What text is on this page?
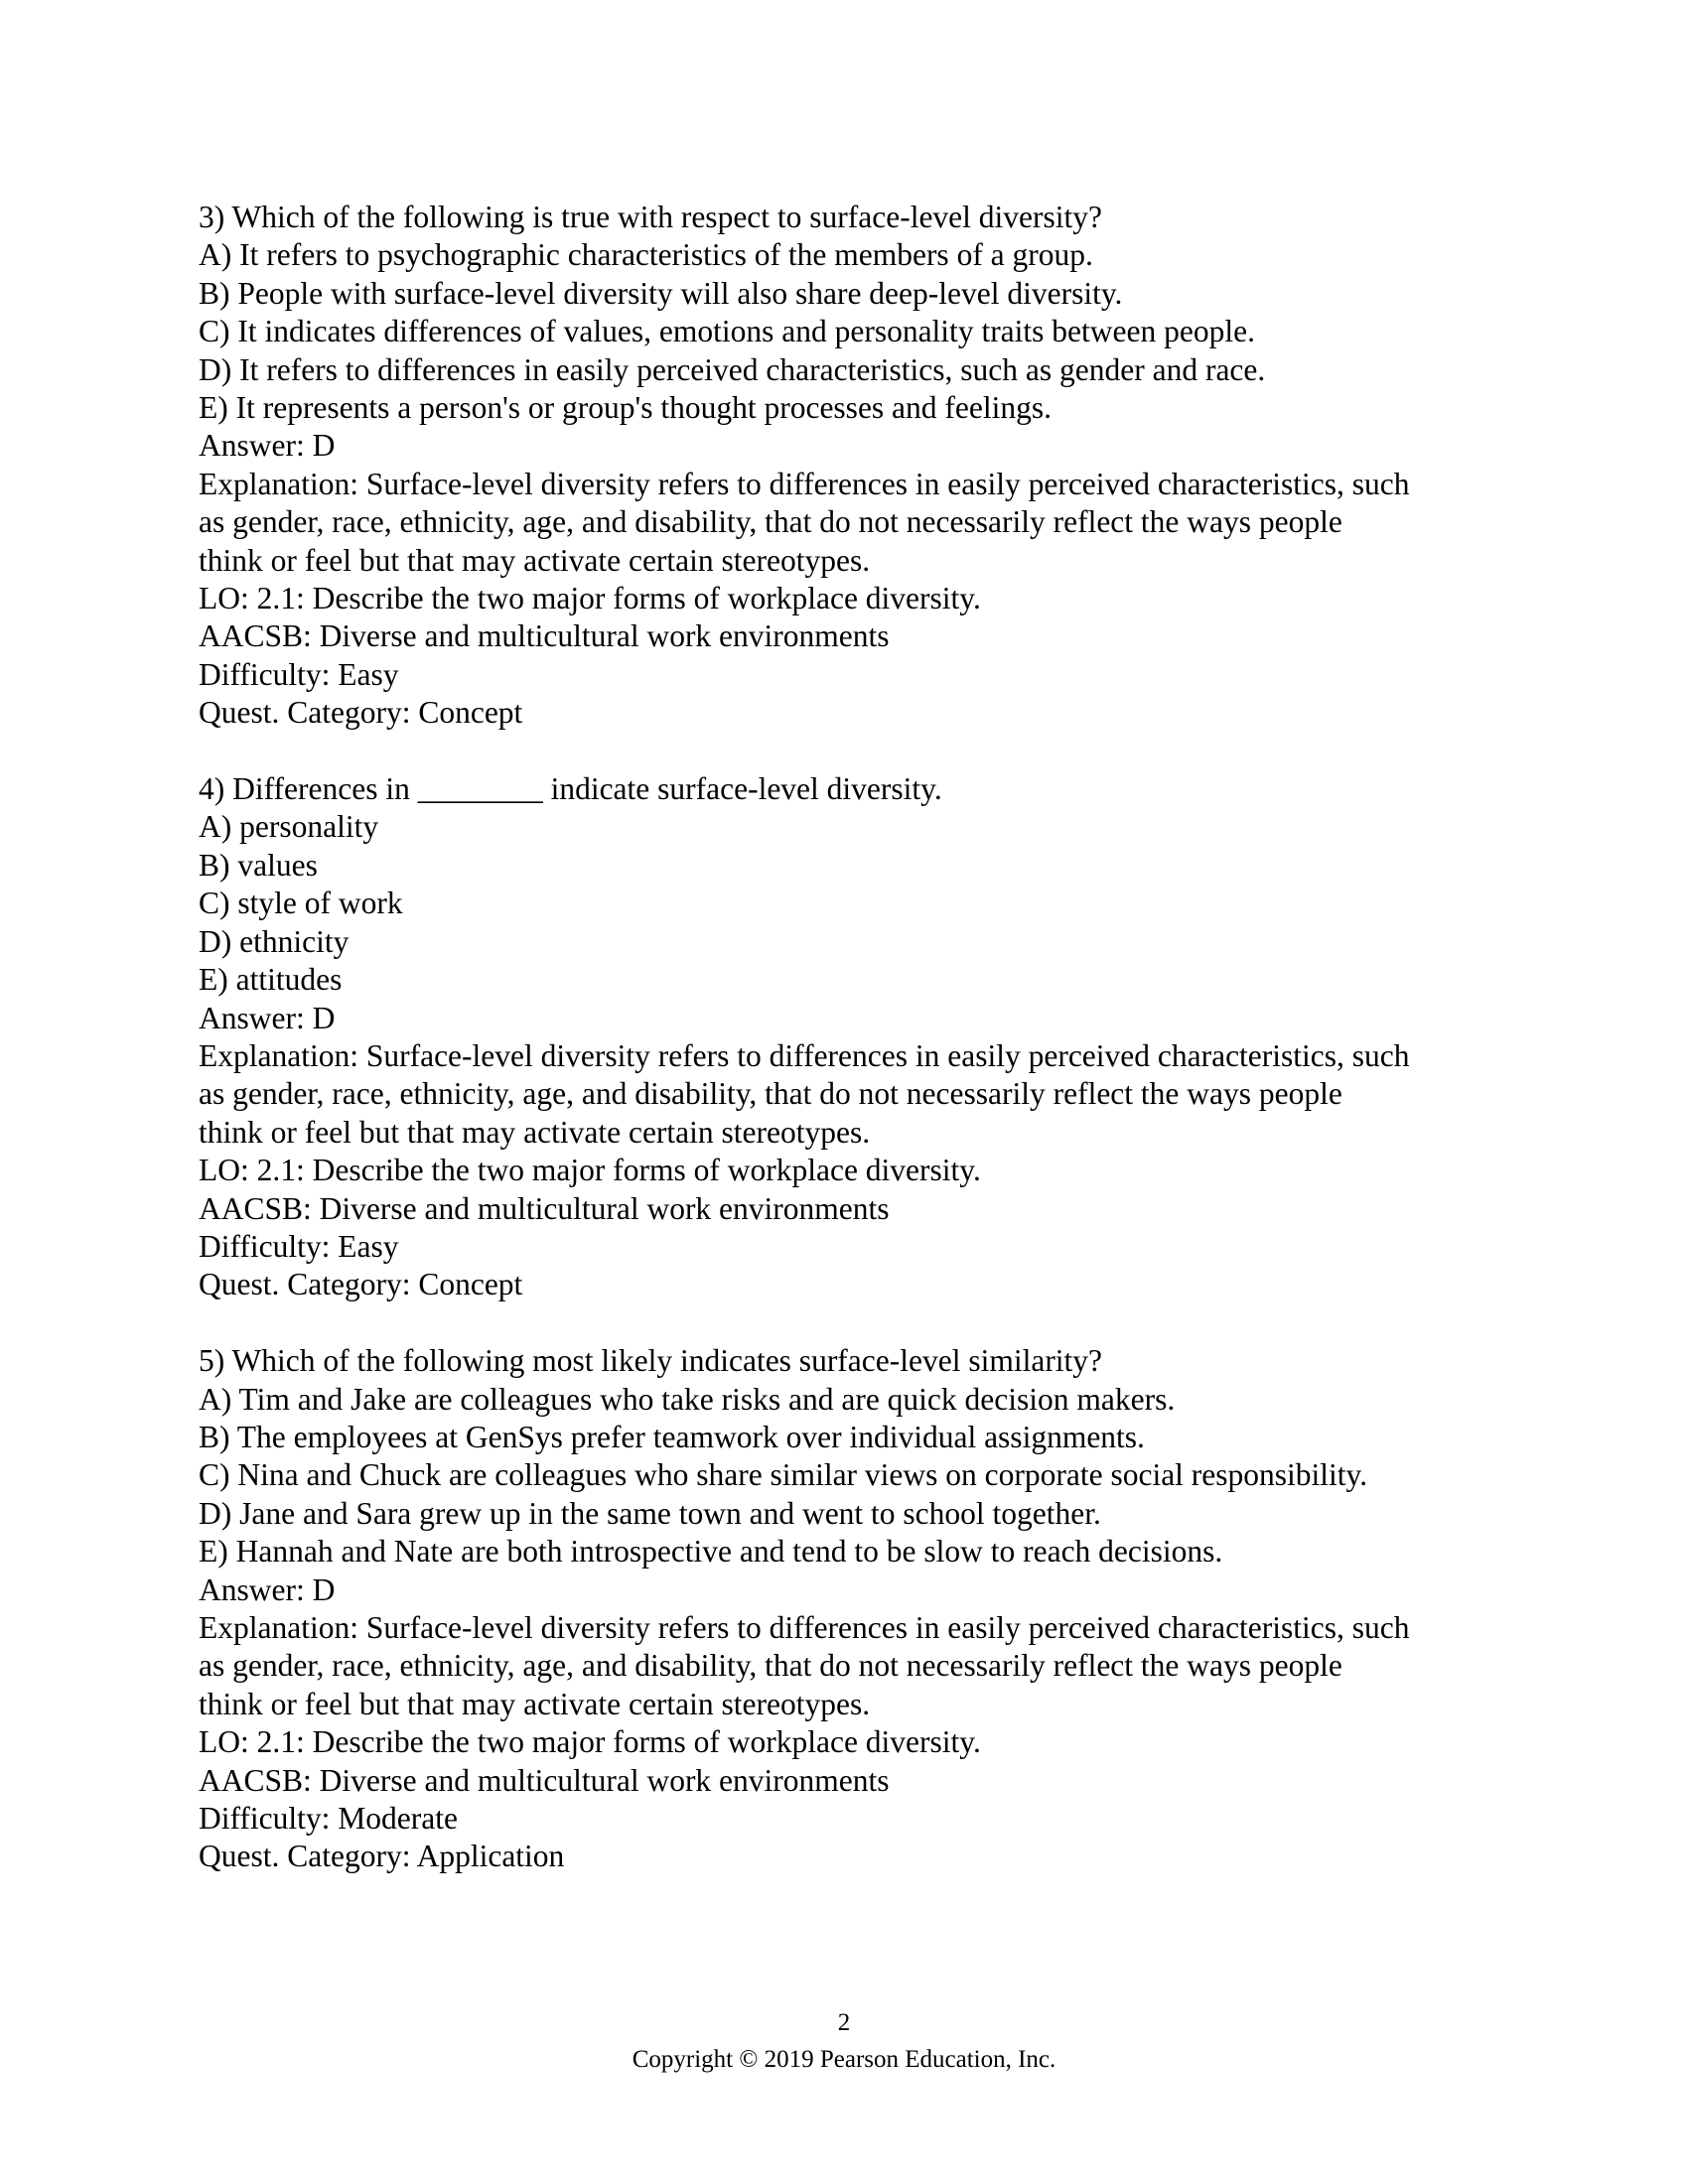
3) Which of the following is true with respect to surface-level diversity?
A) It refers to psychographic characteristics of the members of a group.
B) People with surface-level diversity will also share deep-level diversity.
C) It indicates differences of values, emotions and personality traits between people.
D) It refers to differences in easily perceived characteristics, such as gender and race.
E) It represents a person's or group's thought processes and feelings.
Answer: D
Explanation: Surface-level diversity refers to differences in easily perceived characteristics, such
as gender, race, ethnicity, age, and disability, that do not necessarily reflect the ways people
think or feel but that may activate certain stereotypes.
LO: 2.1: Describe the two major forms of workplace diversity.
AACSB: Diverse and multicultural work environments
Difficulty: Easy
Quest. Category: Concept
4) Differences in ________ indicate surface-level diversity.
A) personality
B) values
C) style of work
D) ethnicity
E) attitudes
Answer: D
Explanation: Surface-level diversity refers to differences in easily perceived characteristics, such
as gender, race, ethnicity, age, and disability, that do not necessarily reflect the ways people
think or feel but that may activate certain stereotypes.
LO: 2.1: Describe the two major forms of workplace diversity.
AACSB: Diverse and multicultural work environments
Difficulty: Easy
Quest. Category: Concept
5) Which of the following most likely indicates surface-level similarity?
A) Tim and Jake are colleagues who take risks and are quick decision makers.
B) The employees at GenSys prefer teamwork over individual assignments.
C) Nina and Chuck are colleagues who share similar views on corporate social responsibility.
D) Jane and Sara grew up in the same town and went to school together.
E) Hannah and Nate are both introspective and tend to be slow to reach decisions.
Answer: D
Explanation: Surface-level diversity refers to differences in easily perceived characteristics, such
as gender, race, ethnicity, age, and disability, that do not necessarily reflect the ways people
think or feel but that may activate certain stereotypes.
LO: 2.1: Describe the two major forms of workplace diversity.
AACSB: Diverse and multicultural work environments
Difficulty: Moderate
Quest. Category: Application
2
Copyright © 2019 Pearson Education, Inc.
